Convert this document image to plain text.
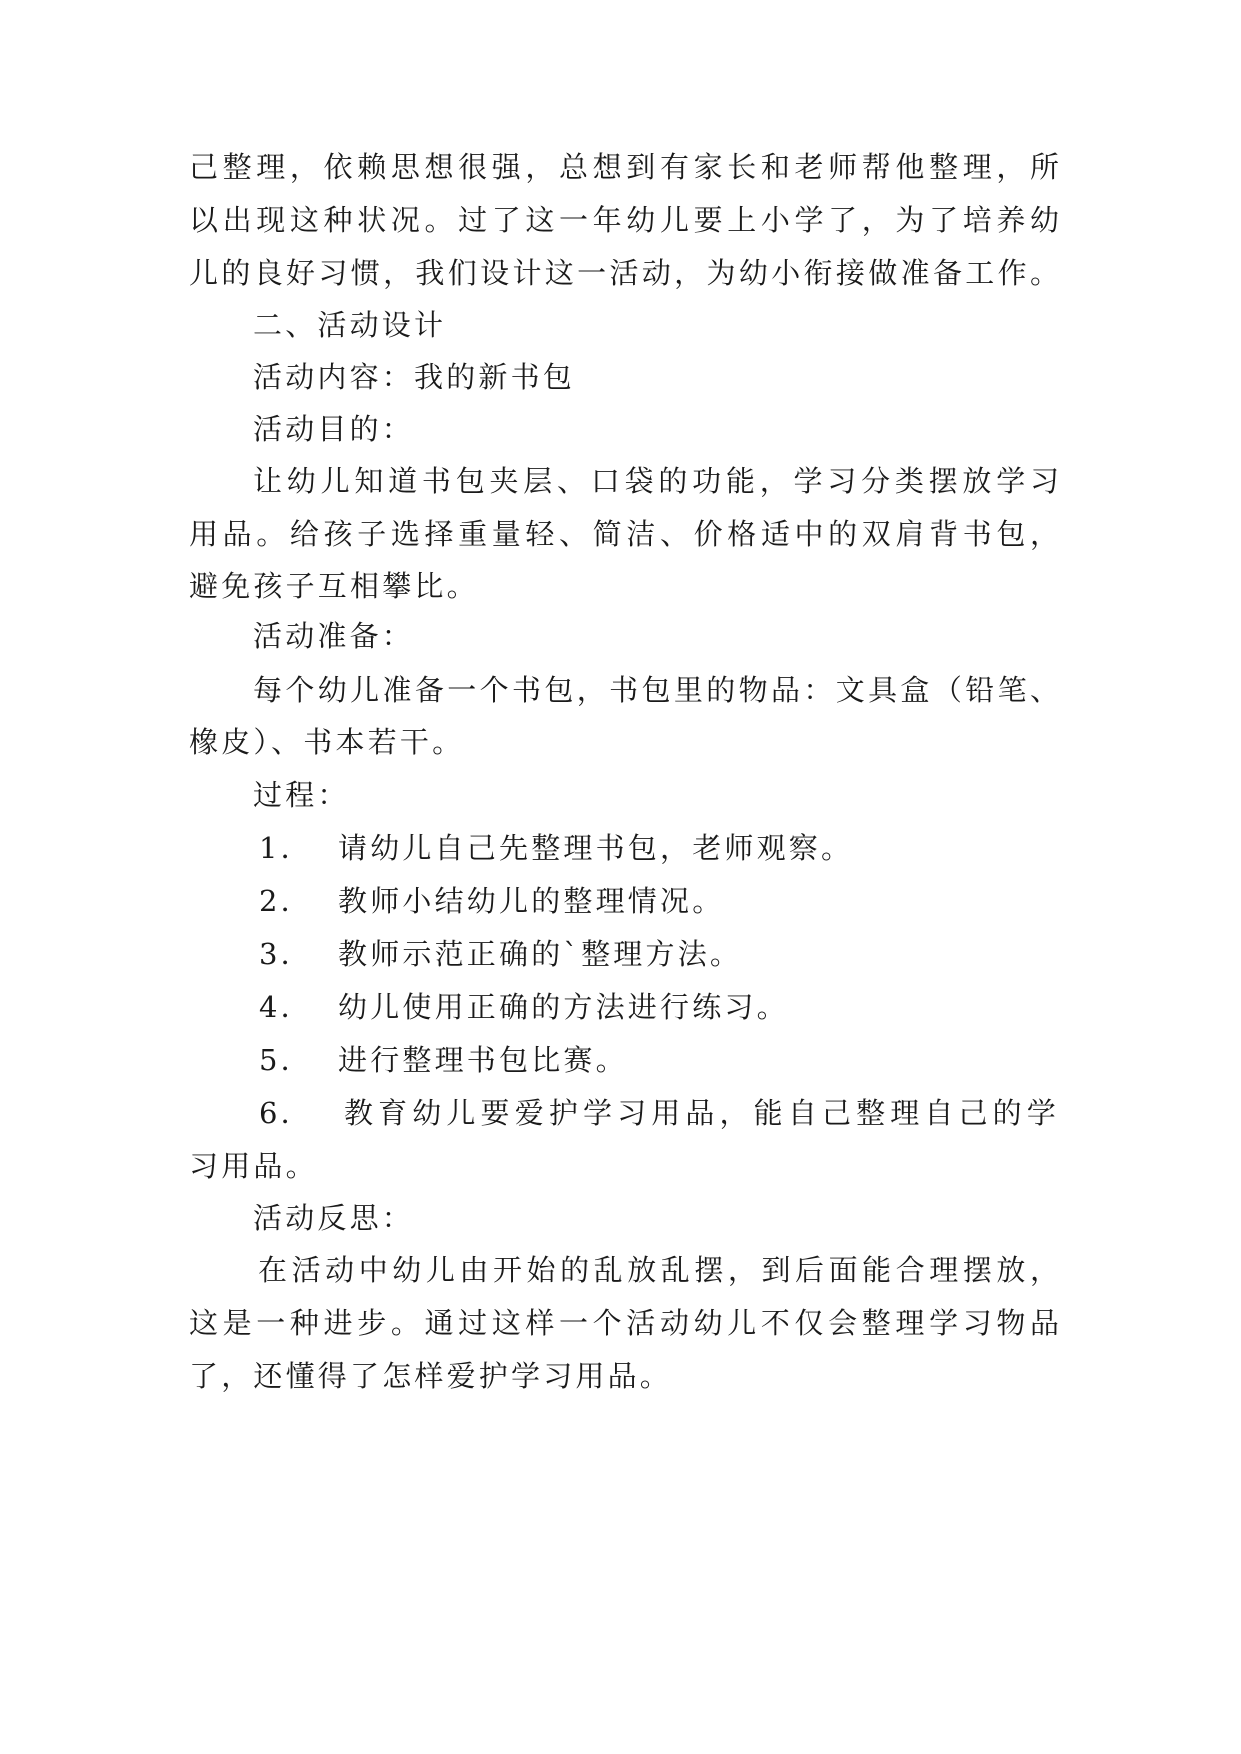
己整理，依赖思想很强，总想到有家长和老师帮他整理，所
以出现这种状况。过了这一年幼儿要上小学了，为了培养幼
儿的良好习惯，我们设计这一活动，为幼小衔接做准备工作。
二、活动设计
活动内容：我的新书包
活动目的：
让幼儿知道书包夹层、口袋的功能，学习分类摆放学习
用品。给孩子选择重量轻、简洁、价格适中的双肩背书包，
避免孩子互相攀比。
活动准备：
每个幼儿准备一个书包，书包里的物品：文具盒（铅笔、
橡皮）、书本若干。
过程：
1． 请幼儿自己先整理书包，老师观察。
2． 教师小结幼儿的整理情况。
3． 教师示范正确的`整理方法。
4． 幼儿使用正确的方法进行练习。
5． 进行整理书包比赛。
6． 教育幼儿要爱护学习用品，能自己整理自己的学
习用品。
活动反思：
在活动中幼儿由开始的乱放乱摆，到后面能合理摆放，
这是一种进步。通过这样一个活动幼儿不仅会整理学习物品
了，还懂得了怎样爱护学习用品。
